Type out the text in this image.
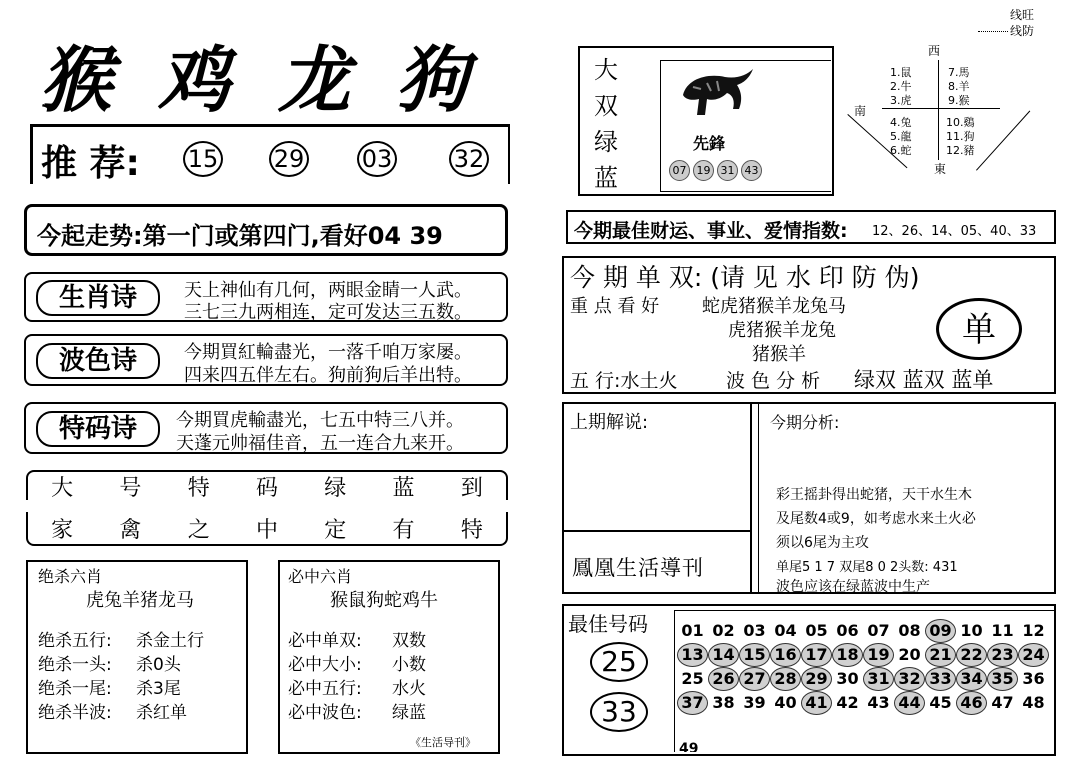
猴 鸡 龙 狗
推 荐: 15 29 03	32
今起走势:第一门或第四门,看好04 39
生肖诗	天上神仙有几何，两眼金睛一人武。
三七三九两相连，定可发达三五数。
波色诗	今期買紅輪盡光，一落千咱万家屡。
四来四五伴左右。狗前狗后羊出特。
特码诗	今期買虎輸盡光，七五中特三八并。
天蓬元帅福佳音，五一连合九来开。
大 号 特 码 绿 蓝 到
家 禽 之 中 定 有 特
绝杀六肖
虎兔羊猪龙马
绝杀五行: 杀金土行
绝杀一头: 杀0头
绝杀一尾: 杀3尾
绝杀半波: 杀红单
必中六肖
猴鼠狗蛇鸡牛
必中单双: 双数
必中大小: 小数
必中五行: 水火
必中波色: 绿蓝
《生活导刊》
线旺
线防
大
双
绿
蓝
先鋒
07 19 31 43
西
南
東
1.鼠
2.牛
3.虎
4.兔
5.龍
6.蛇
7.馬
8.羊
9.猴
10.鷄
11.狗
12.豬
今期最佳财运、事业、爱情指数: 12、26、14、05、40、33
今 期 单 双: (请 见 水 印 防 伪)
重 点 看 好 蛇虎猪猴羊龙兔马
虎猪猴羊龙兔
猪猴羊
单
五 行:水土火	波 色 分 析 绿双 蓝双 蓝单
上期解说:
鳳凰生活導刊
今期分析:
彩王摇卦得出蛇猪，天干水生木
及尾数4或9，如考虑水来土火必
须以6尾为主攻
单尾5 1 7 双尾8 0 2头数: 431
波色应该在绿蓝波中生产
最佳号码
25
33
01 02 03 04 05 06 07 08 09 10 11 12
13 14 15 16 17 18 19 20 21 22 23 24
25 26 27 28 29 30 31 32 33 34 35 36
37 38 39 40 41 42 43 44 45 46 47 48
49
